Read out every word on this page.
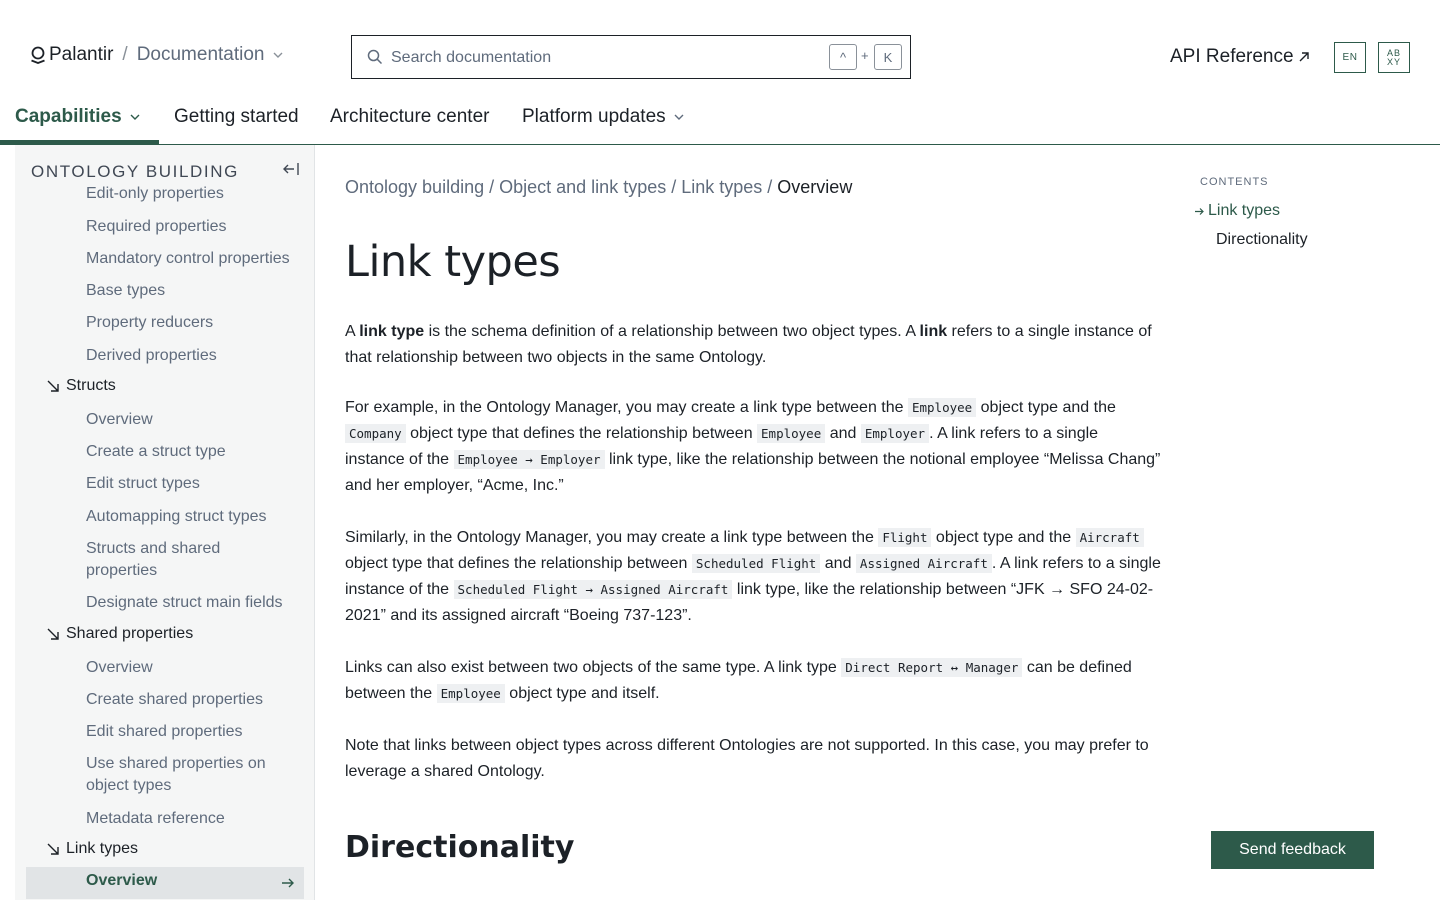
Palantir / Documentation	Search documentation	^	+	K	API Reference	EN	AB
XY
Capabilities	Getting started Architecture center Platform updates
ONTOLOGY BUILDING
Edit-only properties
Required properties
Mandatory control properties
Base types
Property reducers
Derived properties
Structs
Overview
Create a struct type
Edit struct types
Automapping struct types
Structs and shared properties
Designate struct main fields
Shared properties
Overview
Create shared properties
Edit shared properties
Use shared properties on object types
Metadata reference
Link types
Overview
Ontology building / Object and link types / Link types / Overview
Link types

A link type is the schema definition of a relationship between two object types. A link refers to a single instance of that relationship between two objects in the same Ontology.

For example, in the Ontology Manager, you may create a link type between the Employee object type and the Company object type that defines the relationship between Employee and Employer . A link refers to a single instance of the Employee → Employer link type, like the relationship between the notional employee “Melissa Chang” and her employer, “Acme, Inc.”

Similarly, in the Ontology Manager, you may create a link type between the Flight object type and the Aircraft object type that defines the relationship between Scheduled Flight and Assigned Aircraft . A link refers to a single instance of the Scheduled Flight → Assigned Aircraft link type, like the relationship between “JFK → SFO 24-02-2021” and its assigned aircraft “Boeing 737-123”.

Links can also exist between two objects of the same type. A link type Direct Report ↔ Manager can be defined between the Employee object type and itself.

Note that links between object types across different Ontologies are not supported. In this case, you may prefer to leverage a shared Ontology.

Directionality
CONTENTS
Link types
Directionality
Send feedback
